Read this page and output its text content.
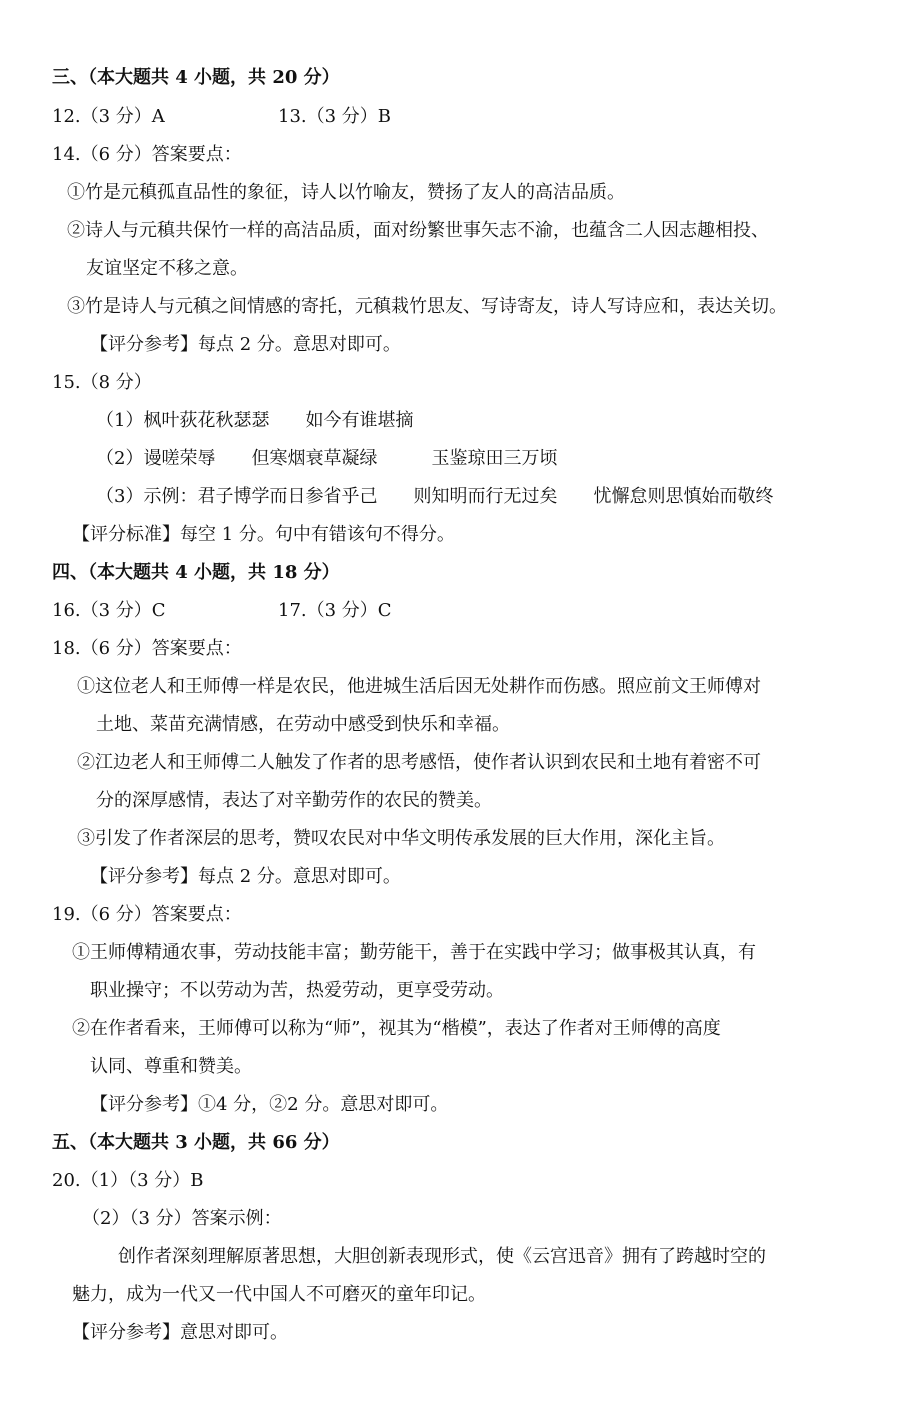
三、（本大题共 4 小题，共 20 分）
12.（3 分）A	13.（3 分）B
14.（6 分）答案要点：
①竹是元稹孤直品性的象征，诗人以竹喻友，赞扬了友人的高洁品质。
②诗人与元稹共保竹一样的高洁品质，面对纷繁世事矢志不渝，也蕴含二人因志趣相投、
友谊坚定不移之意。
③竹是诗人与元稹之间情感的寄托，元稹栽竹思友、写诗寄友，诗人写诗应和，表达关切。
【评分参考】每点 2 分。意思对即可。
15.（8 分）
（1）枫叶荻花秋瑟瑟　　如今有谁堪摘
（2）谩嗟荣辱　　但寒烟衰草凝绿　　　玉鉴琼田三万顷
（3）示例：君子博学而日参省乎己　　则知明而行无过矣　　忧懈怠则思慎始而敬终
【评分标准】每空 1 分。句中有错该句不得分。
四、（本大题共 4 小题，共 18 分）
16.（3 分）C	17.（3 分）C
18.（6 分）答案要点：
①这位老人和王师傅一样是农民，他进城生活后因无处耕作而伤感。照应前文王师傅对
土地、菜苗充满情感，在劳动中感受到快乐和幸福。
②江边老人和王师傅二人触发了作者的思考感悟，使作者认识到农民和土地有着密不可
分的深厚感情，表达了对辛勤劳作的农民的赞美。
③引发了作者深层的思考，赞叹农民对中华文明传承发展的巨大作用，深化主旨。
【评分参考】每点 2 分。意思对即可。
19.（6 分）答案要点：
①王师傅精通农事，劳动技能丰富；勤劳能干，善于在实践中学习；做事极其认真，有
职业操守；不以劳动为苦，热爱劳动，更享受劳动。
②在作者看来，王师傅可以称为“师”，视其为“楷模”，表达了作者对王师傅的高度
认同、尊重和赞美。
【评分参考】①4 分，②2 分。意思对即可。
五、（本大题共 3 小题，共 66 分）
20.（1）（3 分）B
（2）（3 分）答案示例：
创作者深刻理解原著思想，大胆创新表现形式，使《云宫迅音》拥有了跨越时空的
魅力，成为一代又一代中国人不可磨灭的童年印记。
【评分参考】意思对即可。
